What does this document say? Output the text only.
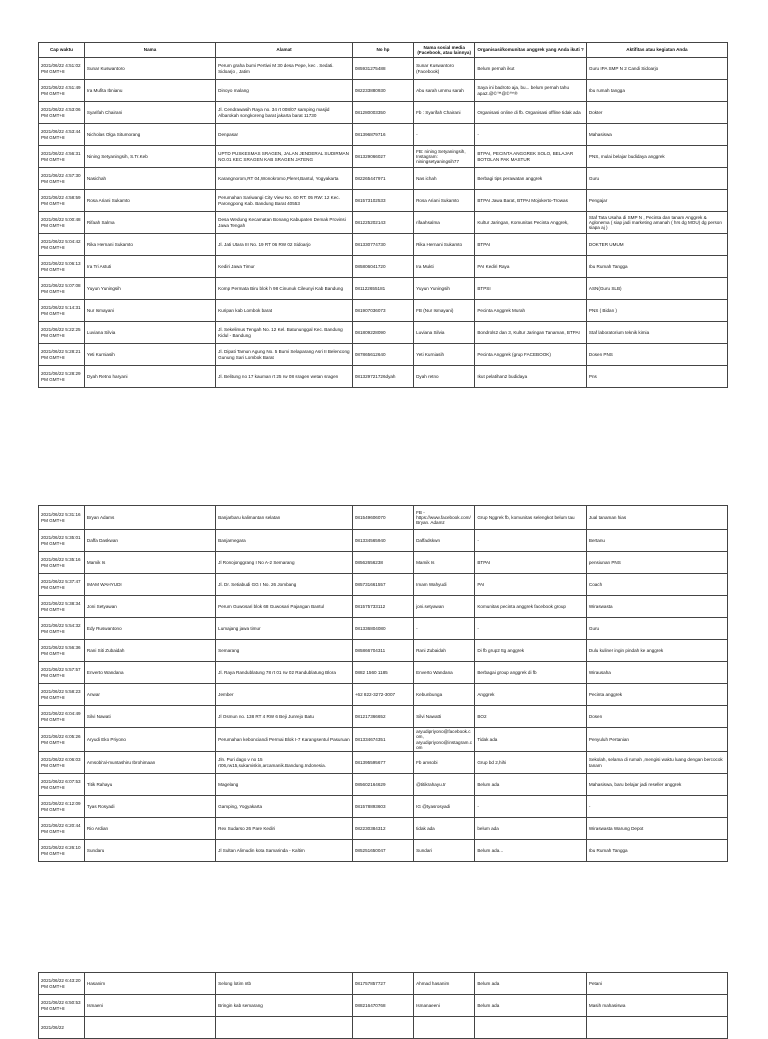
Cap waktu	Nama	Alamat	No hp	Nama sosial media (Facebook, atau lainnya)	Organisasi/komunitas anggrek yang Anda ikuti ?	Aktifitas atau kegiatan Anda
2021/06/22 4:51:02 PM GMT+8	Sunar Kuswantoro	Perum graha bumi Pertiwi M 30 desa Pepe, kec . Sedati. Sidoarjo , Jatim	085931275488	Sunar Kuswantoro (Facebook)	Belum pernah ikut	Guru IPA SMP N 2 Candi Sidoarjo
2021/06/22 4:51:49 PM GMT+8	Ira Mufita Ibnianu	Dinoyo malang	082233880930	Abu sarah ummu sarah	Saya ini badroto aja, bu... belum pernah tahu apa2.@©™@©™®	Ibu rumah tangga
2021/06/22 4:53:06 PM GMT+8	Syarifah Chairani	Jl. Cendrawasih Raya no. 34 rt 008/07 samping masjid Albarokah songkoreng barat jakarta barat 11730	081280003350	Fb : Syarifah Chairani	Organisasi online di fb. Organisasi offline tidak ada	Dokter
2021/06/22 4:53:44 PM GMT+8	Nicholas Olga Situmorang	Denpasar	081396879716	-	-	Mahasiswa
2021/06/22 4:56:31 PM GMT+8	Nining Setyaningsih, S.Tr.Keb	UPTD PUSKESMAS SRAGEN, JALAN JENDERAL SUDIRMAN NO.01 KEC SRAGEN KAB SRAGEN JATENG	081329066027	FB: nining Setyaningsih, Instagram: niningsetyaningsih77	BTPAI, PECINTA ANGGREK SOLO, BELAJAR BOTOLAN PAK MASTUR	PNS, mulai belajar budidaya anggrek
2021/06/22 4:57:30 PM GMT+8	Nasichah	Karangnorom,RT 04,Wonokromo,Pleret,Bantul, Yogyakarta	082265447971	Nas ichah	Berbagi tips perawatan anggrek	Guru
2021/06/22 4:58:59 PM GMT+8	Rosa Ariani Sukamto	Perumahan Sariwangi City View No. 60 RT: 05 RW: 12 Kec. Parongpong Kab. Bandung Barat 40553	081573102533	Rosa Ariani Sukamto	BTPAI Jawa Barat, BTPAI Mojokerto-Trowas	Pengajar
2021/06/22 5:00:48 PM GMT+8	Rifaah Salma	Desa Wedung Kecamatan Bonang Kabupaten Demak Provinsi Jawa Tengah	081225202143	rifaahsalma	Kultur Jaringan, Komunitas Pecinta Anggrek,	Staf Tata Usaha di SMP N , Pecinta dan tanam Anggrek & Aglonema ( siap jadi marketing amanah ( hrs dg MOU) dg person siapa aj )
2021/06/22 5:04:42 PM GMT+8	Rika Hernani Sukamto	Jl. Jati Utara III No. 19 RT 06 RW 02 Sidoarjo	081330774730	Rika Hernani Sukamto	BTPAI	DOKTER UMUM
2021/06/22 5:06:13 PM GMT+8	Ira Tri Astuti	Kediri Jawa Timur	085806041720	Ira Mukti	PAI Kediri Raya	Ibu Rumah Tangga
2021/06/22 5:07:08 PM GMT+8	Yuyun Yuningsih	Komp Permata Biru blok h 98 Cinunuk Cileunyi Kab Bandung	081122655181	Yuyun Yuningsih	BTPSI	ASN(Guru SLB)
2021/06/22 5:14:31 PM GMT+8	Nur Ismayani	Kuripan kab Lombok barat	081907036073	FB (Nur Ismayani)	Pecinta Anggrek Murah	PNS ( Bidan )
2021/06/22 5:22:25 PM GMT+8	Luviana Silvia	Jl. Sekelimus Tengah No. 12 Kel. Batununggal Kec. Bandung Kidul - Bandung	081809228090	Luviana Silvia	Bondrols2 dan 3, Kultur Jaringan Tanaman, BTPAI	Staf laboratorium teknik kimia
2021/06/22 5:28:21 PM GMT+8	Yeti Kurniasih	Jl. Dipati Tamun Agung No. 5 Bumi Selaparang Asri II Belencong Gunung Sari Lombok Barat	087865612640	Yeti Kurniasih	Pecinta Anggrek (grup FACEBOOK)	Dosen PNS
2021/06/22 5:28:29 PM GMT+8	Dyah Retno haryani	Jl. Belitung no 17 kauman rt 25 rw 08 sragen wetan sragen	081329721726dyah	Dyah retno	Ikut pelatihan2 budidaya	Pns
2021/06/22 5:31:16 PM GMT+8	Bryan Adams	Banjarbaru kalimantan selatan	081549606070	FB - https://www.facebook.com/Bryan. Adamz	Grup Nggrek fb, komunitas selengkot belum tau	Jual tanaman hias
2021/06/22 5:35:01 PM GMT+8	Daffa Daskwan	Banjarnegara	081334565940	Daffadskwn	-	Bertanu
2021/06/22 5:35:16 PM GMT+8	Mamik Is	Jl Ronojonggrang I No A-2 Semarang	08562656238	Mamik Is	BTPAI	pensiunan PNS
2021/06/22 5:37:47 PM GMT+8	IMAM WAHYUDI	Jl. Dr. Setiabudi GG I No. 26 Jombang	085731661557	Imam Wahyudi	PAI	Coach
2021/06/22 5:38:34 PM GMT+8	Joni Setyawan	Perum Guwosari blok 68 Guwosari Pajangan Bantul	081575733112	joni.setyawan	Komunitas pecinta anggrek facebook group	Wiraswasta
2021/06/22 5:54:32 PM GMT+8	Edy Ruswantono	Lumajang jawa timur	081336804080	-	-	Guru
2021/06/22 5:56:36 PM GMT+8	Rani Siti Zubaidah	Semarang	085866704311	Rani Zubaidah	Di fb grup2 ttg anggrek	Dulu kuliner ingin pindah ke anggrek
2021/06/22 5:57:57 PM GMT+8	Enverto Wandana	Jl. Raya Randublatung 78 rt 01 rw 02 Randublatung Blora	0882 1560 1185	Enverto Wandana	Berbagai group anggrek di fb	Wirausaha
2021/06/22 5:58:23 PM GMT+8	Anwar	Jember	+62 822-3272-3007	Kebunbunga	Anggrek	Pecinta anggrek
2021/06/22 6:04:49 PM GMT+8	Silvi Nawati	Jl Osmun no. 138 RT 4 RW 6 Beji Junrejo Batu	081217366652	Silvi Nawatti	BO2	Dosen
2021/06/22 6:05:26 PM GMT+8	Aryudi Eko Priyono	Perumahan kebonciandi Permai Blok I-7 Karangsentul Pasuruan	081334674351	aryudipriyono@facebook.com, aryudipriyono@instagram.com	Tidak ada	Penyuluh Pertanian
2021/06/22 6:06:03 PM GMT+8	Amsobi'al-muntashiru Ibrohimaan	Jln. Puri dago v no 15 rt06,rw15,sukamiskin,arcamanik.Bandung.Indonesia.	081395595677	Fb amsobi	Grup bd 2,hihi	Sekolah, selama di rumah ,mengisi waktu luang dengan bercocok tanam
2021/06/22 6:07:53 PM GMT+8	Titik Rahayu	Magelang	085602164629	@titikrahayu.tr	Belum ada	Mahasiswa, baru belajar jadi reseller anggrek
2021/06/22 6:12:09 PM GMT+8	Tyas Rosyadi	Gamping, Yogyakarta	081578893603	IG @tyasrosyadi	-	-
2021/06/22 6:20:44 PM GMT+8	Rio Ardian	Rex Sudarso 26 Pare Kediri	082230384312	tidak ada	belum ada	Wiraswasta Warung Depot
2021/06/22 6:26:10 PM GMT+8	Sundaru	Jl Sultan Alimudin kota Samarinda - Kaltim	085251650047	Sundari	Belum ada...	Ibu Rumah Tangga
2021/06/22 6:43:20 PM GMT+8	Hasanim	Selong lotim ntb	081757857727	Ahmad hasanim	Belum ada	Petani
2021/06/22 6:50:53 PM GMT+8	Ismaeni	Bringin kab semarang	088216470768	Ismanaeeni	Belum ada	Masih mahasiswa
2021/06/22						
